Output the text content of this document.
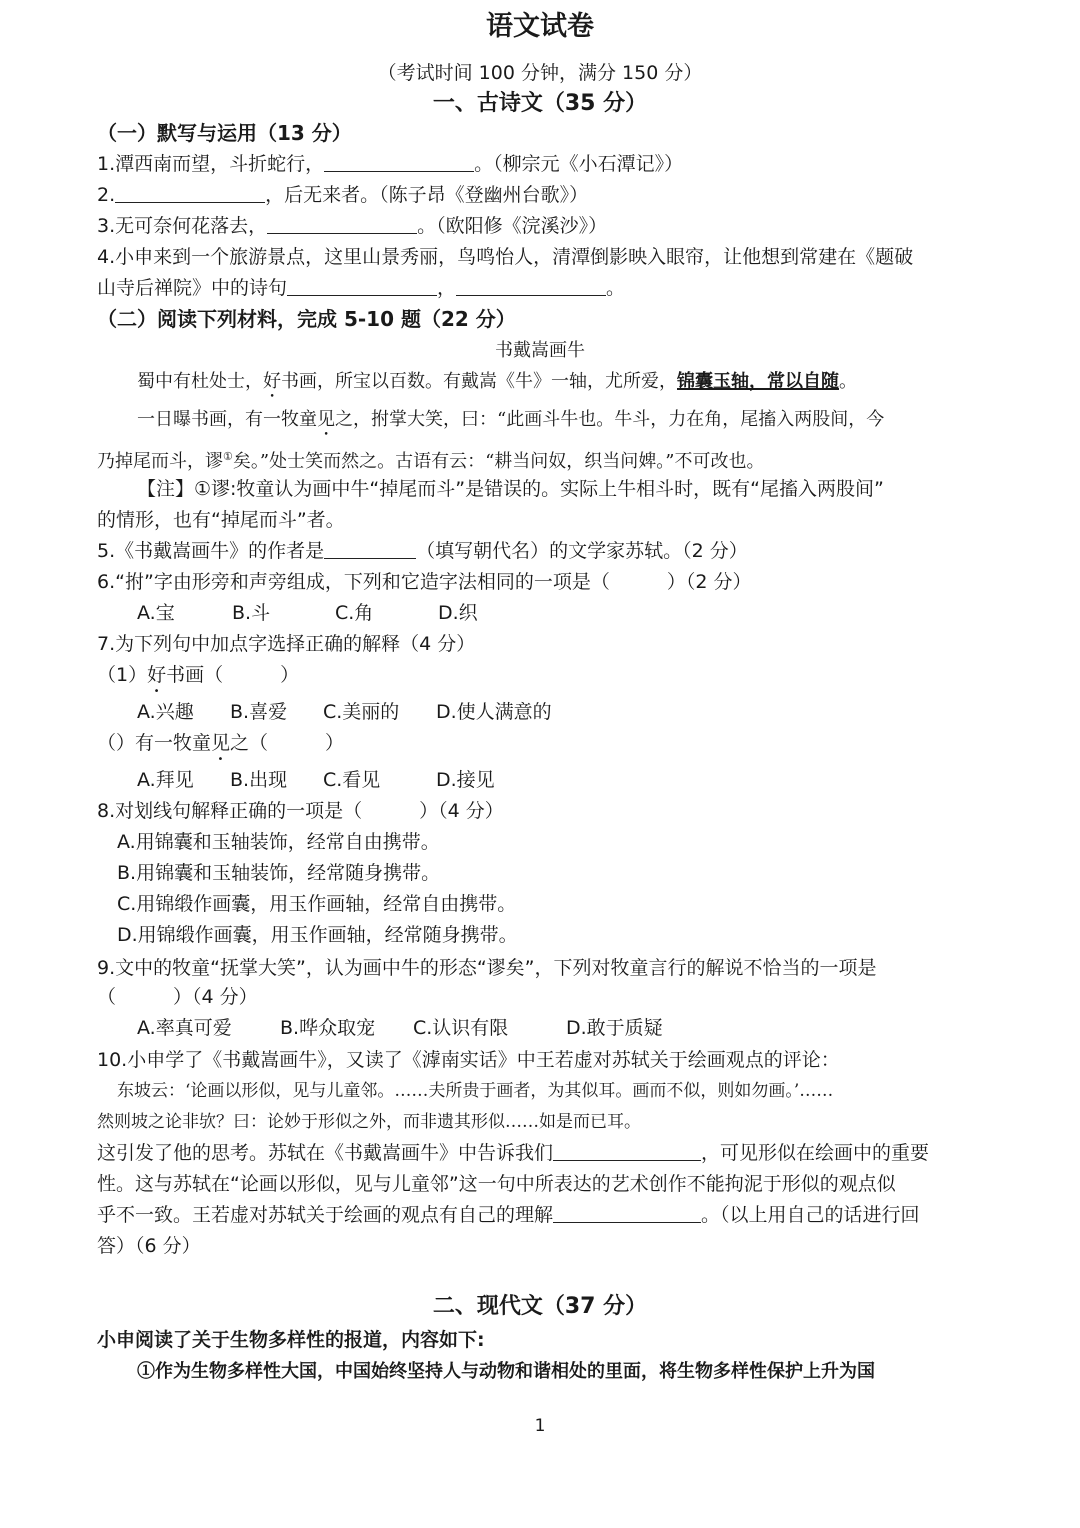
语文试卷
（考试时间 100 分钟，满分 150 分）
一、古诗文（35 分）
（一）默写与运用（13 分）
1.潭西南而望，斗折蛇行，	。（柳宗元《小石潭记》）
2.	，后无来者。（陈子昂《登幽州台歌》）
3.无可奈何花落去，	。（欧阳修《浣溪沙》）
4.小申来到一个旅游景点，这里山景秀丽，鸟鸣怡人，清潭倒影映入眼帘，让他想到常建在《题破
山寺后禅院》中的诗句	，	。
（二）阅读下列材料，完成 5-10 题（22 分）
书戴嵩画牛
蜀中有杜处士，好书画，所宝以百数。有戴嵩《牛》一轴，尤所爱，锦囊玉轴，常以自随。
一日曝书画，有一牧童见之，拊掌大笑，曰：“此画斗牛也。牛斗，力在角，尾搐入两股间，今
乃掉尾而斗，谬①矣。”处士笑而然之。古语有云：“耕当问奴，织当问婢。”不可改也。
【注】①谬:牧童认为画中牛“掉尾而斗”是错误的。实际上牛相斗时，既有“尾搐入两股间”
的情形，也有“掉尾而斗”者。
5.《书戴嵩画牛》的作者是	（填写朝代名）的文学家苏轼。（2 分）
6.“拊”字由形旁和声旁组成，下列和它造字法相同的一项是（　　　）（2 分）
A.宝	B.斗	C.角	D.织
7.为下列句中加点字选择正确的解释（4 分）
（1）好书画（　　　）
A.兴趣 B.喜爱 C.美丽的 D.使人满意的
（）有一牧童见之（　　　）
A.拜见 B.出现 C.看见	D.接见
8.对划线句解释正确的一项是（　　　）（4 分）
A.用锦囊和玉轴装饰，经常自由携带。
B.用锦囊和玉轴装饰，经常随身携带。
C.用锦缎作画囊，用玉作画轴，经常自由携带。
D.用锦缎作画囊，用玉作画轴，经常随身携带。
9.文中的牧童“抚掌大笑”，认为画中牛的形态“谬矣”，下列对牧童言行的解说不恰当的一项是
（　　　）（4 分）
A.率真可爱	B.哗众取宠 C.认识有限	D.敢于质疑
10.小申学了《书戴嵩画牛》，又读了《滹南实话》中王若虚对苏轼关于绘画观点的评论：
东坡云：‘论画以形似，见与儿童邻。……夫所贵于画者，为其似耳。画而不似，则如勿画。’……
然则坡之论非欤？曰：论妙于形似之外，而非遗其形似……如是而已耳。
这引发了他的思考。苏轼在《书戴嵩画牛》中告诉我们	，可见形似在绘画中的重要
性。这与苏轼在“论画以形似，见与儿童邻”这一句中所表达的艺术创作不能拘泥于形似的观点似
乎不一致。王若虚对苏轼关于绘画的观点有自己的理解	。（以上用自己的话进行回
答）（6 分）
二、现代文（37 分）
小申阅读了关于生物多样性的报道，内容如下:
①作为生物多样性大国，中国始终坚持人与动物和谐相处的里面，将生物多样性保护上升为国
1
